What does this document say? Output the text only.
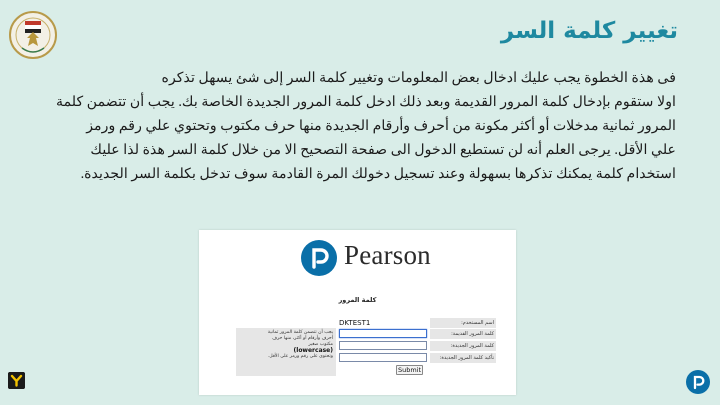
تغيير كلمة السر

فى هذة الخطوة يجب عليك ادخال بعض المعلومات وتغيير كلمة السر إلى شئ يسهل تذكره
اولا ستقوم بإدخال كلمة المرور القديمة وبعد ذلك ادخل كلمة المرور الجديدة الخاصة بك. يجب أن تتضمن كلمة
المرور ثمانية مدخلات أو أكثر مكونة من أحرف وأرقام الجديدة منها حرف مكتوب وتحتوي علي رقم ورمز
علي الأقل. يرجى العلم أنه لن تستطيع الدخول الى صفحة التصحيح الا من خلال كلمة السر هذة لذا عليك
استخدام كلمة يمكنك تذكرها بسهولة وعند تسجيل دخولك المرة القادمة سوف تدخل بكلمة السر الجديدة.

Pearson
كلمة المرور
اسم المستخدم:
DKTEST1
كلمة المرور القديمة:
كلمة المرور الجديدة:
تأكيد كلمة المرور الجديدة:
يجب أن تتضمن كلمة المرور ثمانية
أحرف وأرقام أو أكثر، منها حرف
مكتوب صغير
(lowercase)
وتحتوي على رقم ورمز على الأقل.
Submit
